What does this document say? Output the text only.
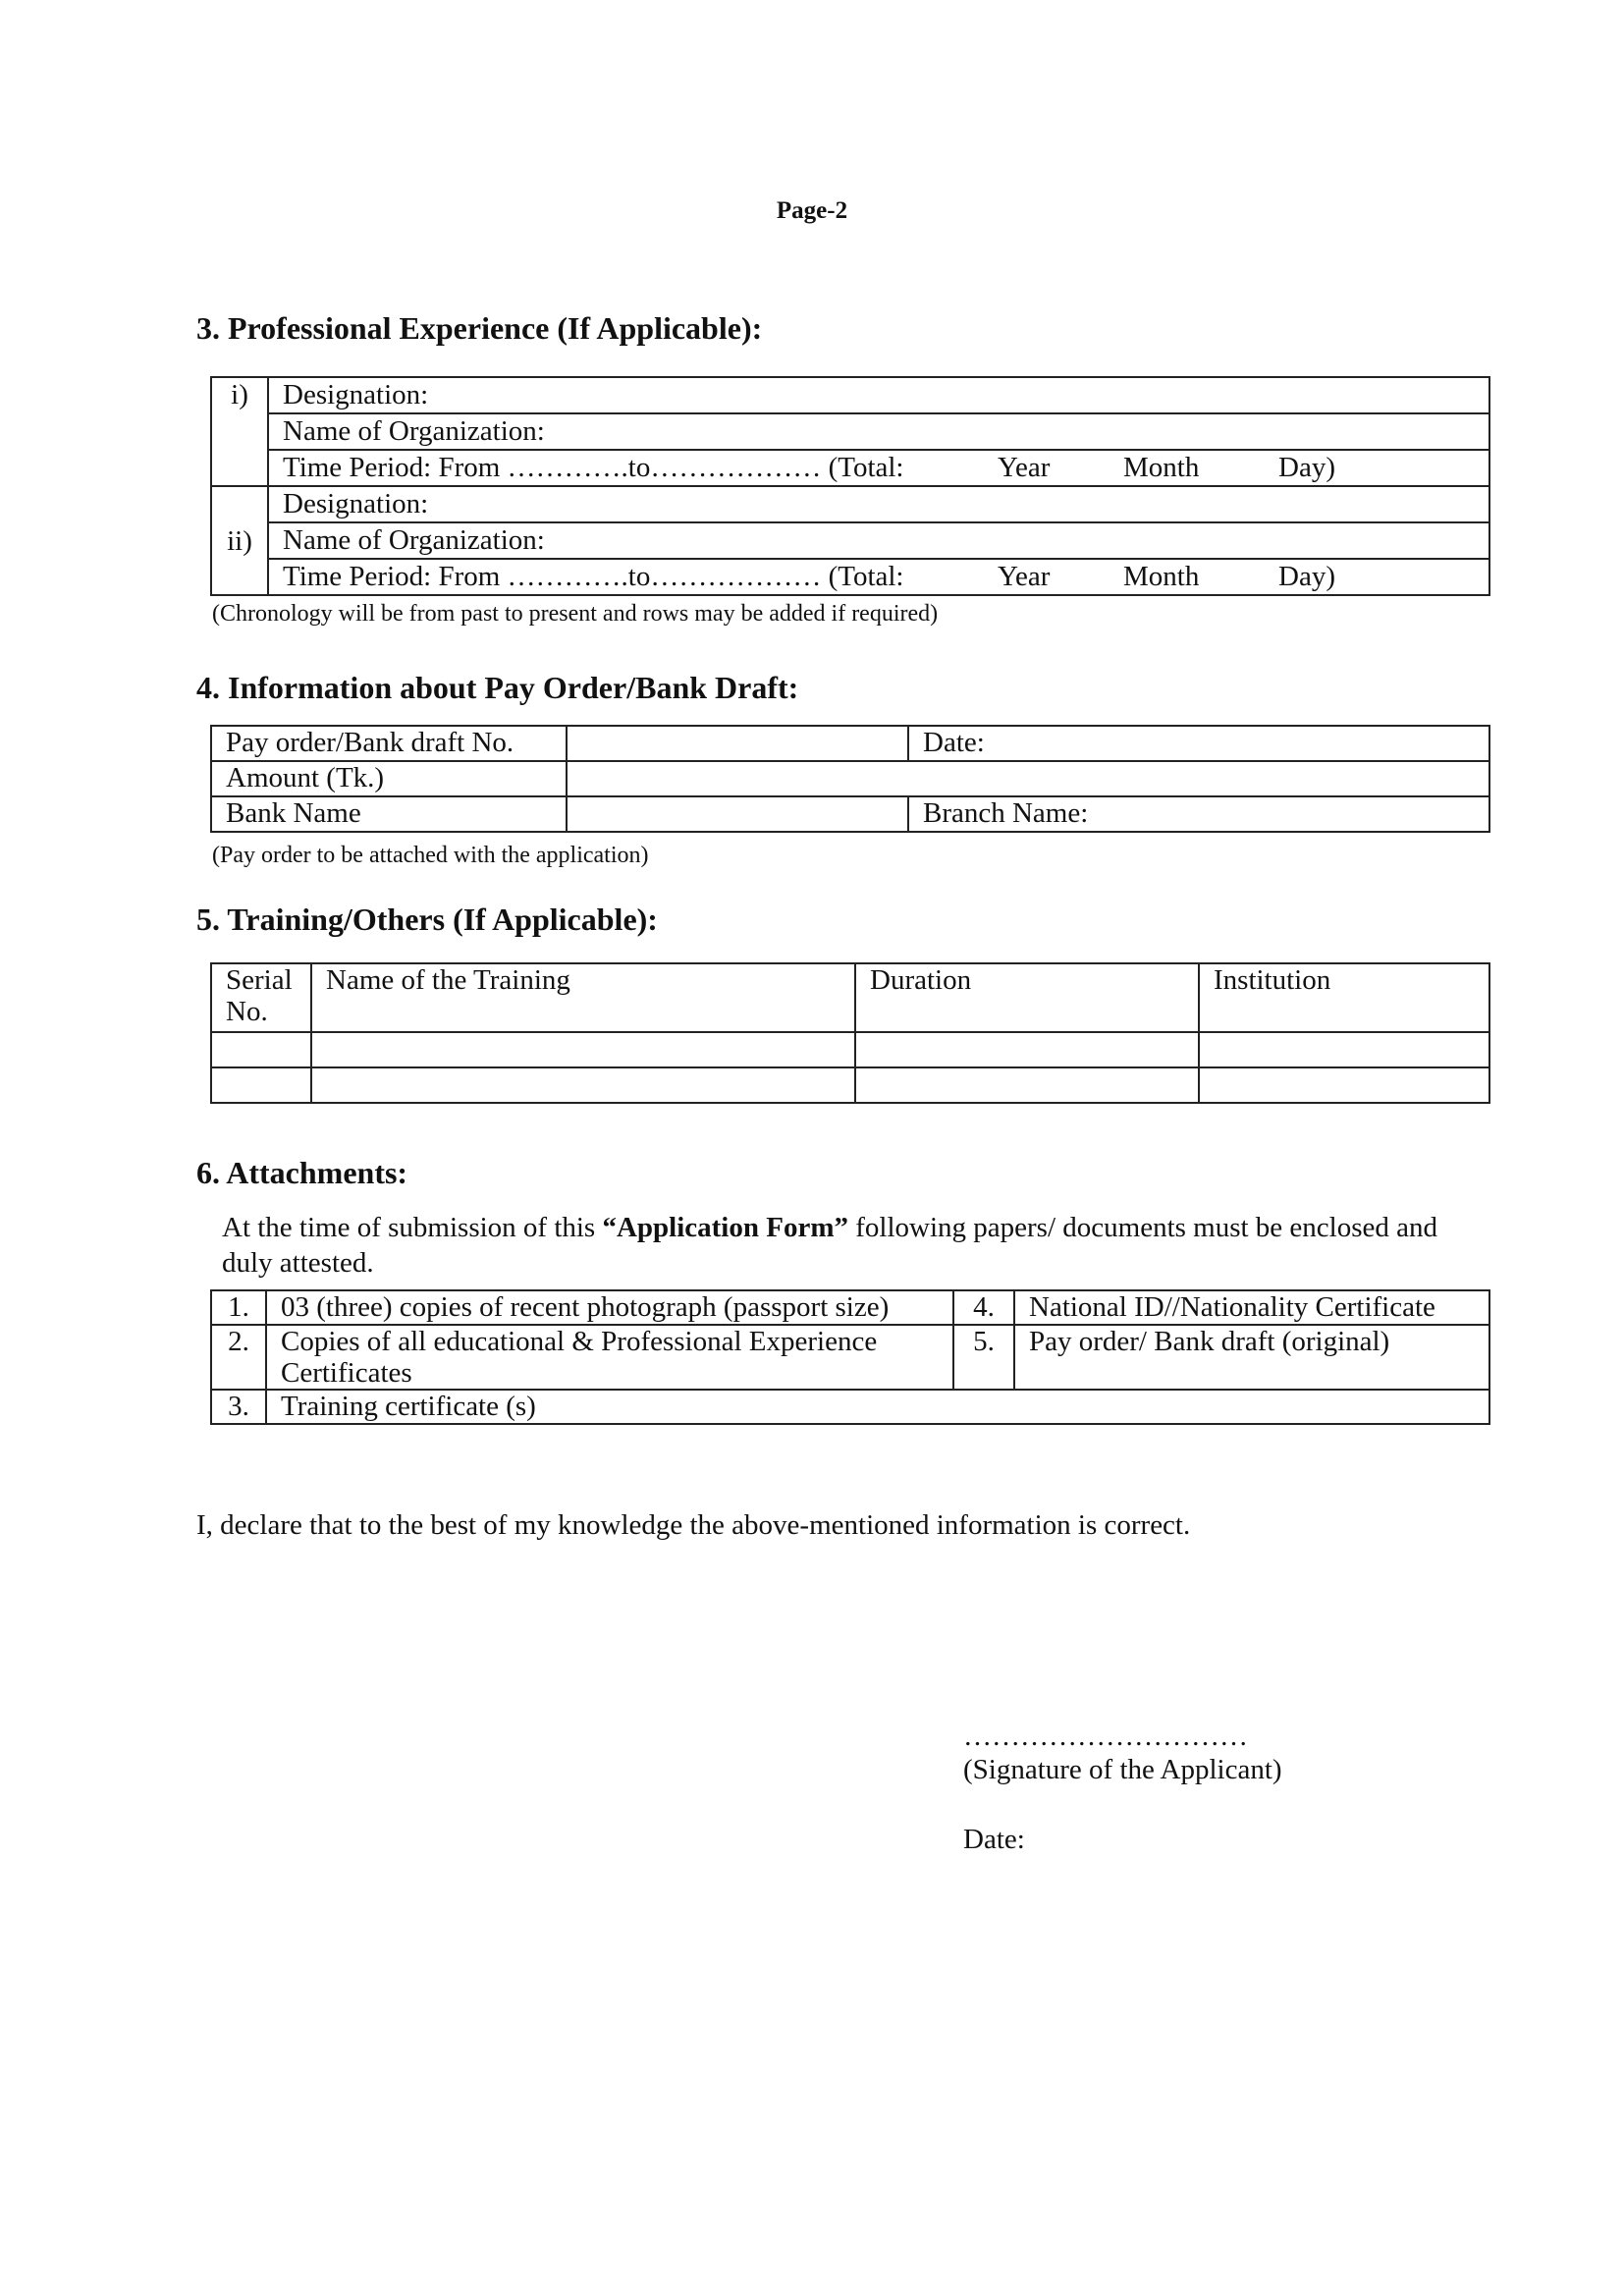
Page-2
3. Professional Experience (If Applicable):
i)	Designation:
	Name of Organization:

	Time Period: From ………….to……………… (Total: Year Month Day)

ii)	Designation:
	Name of Organization:

	Time Period: From ………….to……………… (Total: Year Month Day)
(Chronology will be from past to present and rows may be added if required)
4. Information about Pay Order/Bank Draft:
Pay order/Bank draft No.		Date:
Amount (Tk.)		
Bank Name		Branch Name:
(Pay order to be attached with the application)
5. Training/Others (If Applicable):
Serial No.	Name of the Training	Duration	Institution

6. Attachments:
At the time of submission of this “Application Form” following papers/ documents must be enclosed and duly attested.
1.	03 (three) copies of recent photograph (passport size)	4.	National ID//Nationality Certificate
2.	Copies of all educational & Professional Experience Certificates	5.	Pay order/ Bank draft (original)
3.	Training certificate (s)		
I, declare that to the best of my knowledge the above-mentioned information is correct.
…………………………
(Signature of the Applicant)
Date:
